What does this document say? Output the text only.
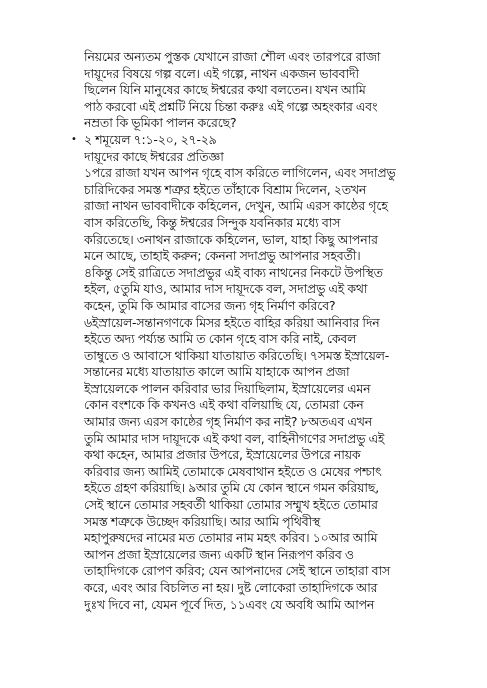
নিয়মের অন্যতম পুস্তক যেখানে রাজা শৌল এবং তারপরে রাজা
দায়ূদের বিষয়ে গল্প বলে। এই গল্পে, নাথন একজন ভাববাদী
ছিলেন যিনি মানুষের কাছে ঈশ্বরের কথা বলতেন। যখন আমি
পাঠ করবো এই প্রশ্নটি নিয়ে চিন্তা করুঃ এই গল্পে অহংকার এবং
নম্রতা কি ভূমিকা পালন করেছে?
• ২ শমূয়েল ৭:১-২০, ২৭-২৯
দায়ূদের কাছে ঈশ্বরের প্রতিজ্ঞা
১পরে রাজা যখন আপন গৃহে বাস করিতে লাগিলেন, এবং সদাপ্রভু
চারিদিকের সমস্ত শত্রুর হইতে তাঁহাকে বিশ্রাম দিলেন, ২তখন
রাজা নাথন ভাববাদীকে কহিলেন, দেখুন, আমি এরস কাষ্ঠের গৃহে
বাস করিতেছি, কিন্তু ঈশ্বরের সিন্দুক যবনিকার মধ্যে বাস
করিতেছে। ৩নাথন রাজাকে কহিলেন, ভাল, যাহা কিছু আপনার
মনে আছে, তাহাই করুন; কেননা সদাপ্রভু আপনার সহবর্তী।
৪কিন্তু সেই রাত্রিতে সদাপ্রভুর এই বাক্য নাথনের নিকটে উপস্থিত
হইল, ৫তুমি যাও, আমার দাস দায়ূদকে বল, সদাপ্রভু এই কথা
কহেন, তুমি কি আমার বাসের জন্য গৃহ নির্মাণ করিবে?
৬ইস্রায়েল-সন্তানগণকে মিসর হইতে বাহির করিয়া আনিবার দিন
হইতে অদ্য পর্য্যন্ত আমি ত কোন গৃহে বাস করি নাই, কেবল
তাম্বুতে ও আবাসে থাকিয়া যাতায়াত করিতেছি। ৭সমস্ত ইস্রায়েল-
সন্তানের মধ্যে যাতায়াত কালে আমি যাহাকে আপন প্রজা
ইস্রায়েলকে পালন করিবার ভার দিয়াছিলাম, ইস্রায়েলের এমন
কোন বংশকে কি কখনও এই কথা বলিয়াছি যে, তোমরা কেন
আমার জন্য এরস কাষ্ঠের গৃহ নির্মাণ কর নাই? ৮অতএব এখন
তুমি আমার দাস দায়ূদকে এই কথা বল, বাহিনীগণের সদাপ্রভু এই
কথা কহেন, আমার প্রজার উপরে, ইস্রায়েলের উপরে নায়ক
করিবার জন্য আমিই তোমাকে মেষবাথান হইতে ও মেষের পশ্চাৎ
হইতে গ্রহণ করিয়াছি। ৯আর তুমি যে কোন স্থানে গমন করিয়াছ,
সেই স্থানে তোমার সহবর্তী থাকিয়া তোমার সম্মুখ হইতে তোমার
সমস্ত শত্রুকে উচ্ছেদ করিয়াছি। আর আমি পৃথিবীস্থ
মহাপুরুষদের নামের মত তোমার নাম মহৎ করিব। ১০আর আমি
আপন প্রজা ইস্রায়েলের জন্য একটি স্থান নিরূপণ করিব ও
তাহাদিগকে রোপণ করিব; যেন আপনাদের সেই স্থানে তাহারা বাস
করে, এবং আর বিচলিত না হয়। দুষ্ট লোকেরা তাহাদিগকে আর
দুঃখ দিবে না, যেমন পূর্বে দিত, ১১এবং যে অবধি আমি আপন
